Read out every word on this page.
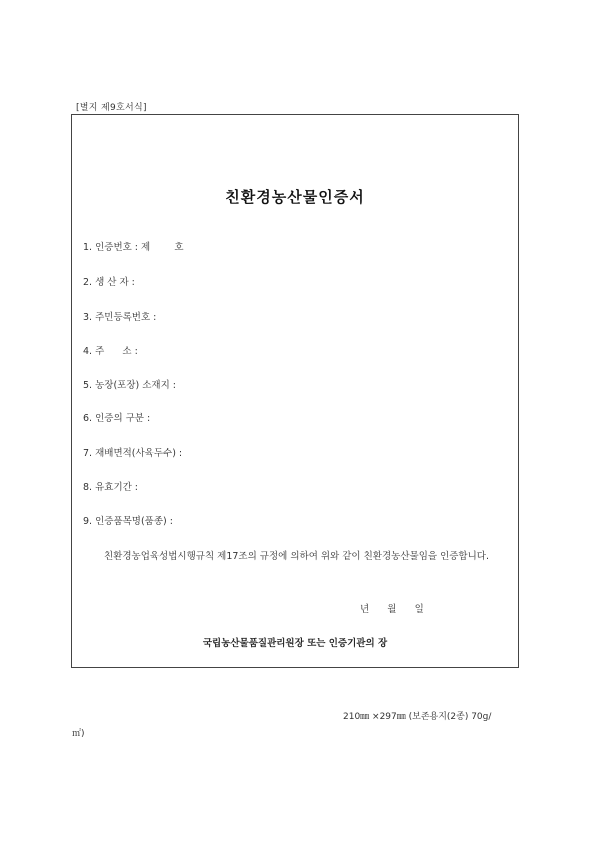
[별지 제9호서식]
친환경농산물인증서
1. 인증번호 : 제        호
2. 생 산 자 :
3. 주민등록번호 :
4. 주      소 :
5. 농장(포장) 소재지 :
6. 인증의 구분 :
7. 재배면적(사육두수) :
8. 유효기간 :
9. 인증품목명(품종) :
친환경농업육성법시행규칙 제17조의 규정에 의하여 위와 같이 친환경농산물임을 인증합니다.
년      월      일
국립농산물품질관리원장 또는 인증기관의 장
210㎜ ×297㎜ (보존용지(2종) 70g/
㎡)
